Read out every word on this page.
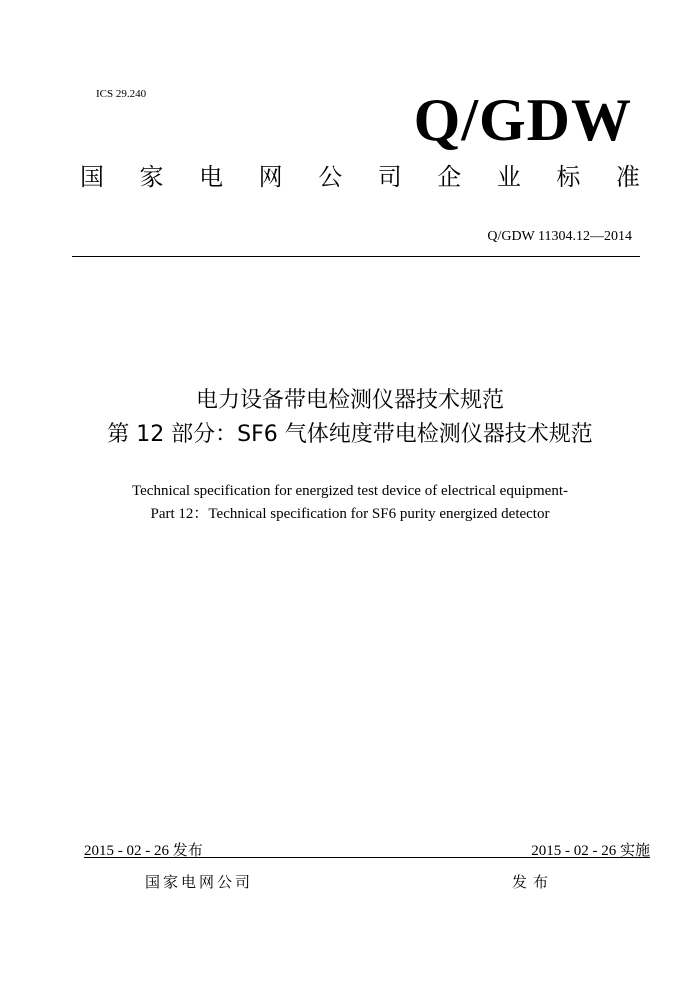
ICS 29.240	Q/GDW
国 家 电 网 公 司 企 业 标 准
Q/GDW 11304.12—2014
电力设备带电检测仪器技术规范
第 12 部分：SF6 气体纯度带电检测仪器技术规范
Technical specification for energized test device of electrical equipment-
Part 12：Technical specification for SF6 purity energized detector
2015 - 02 - 26 发布	2015 - 02 - 26 实施
国家电网公司	发布
